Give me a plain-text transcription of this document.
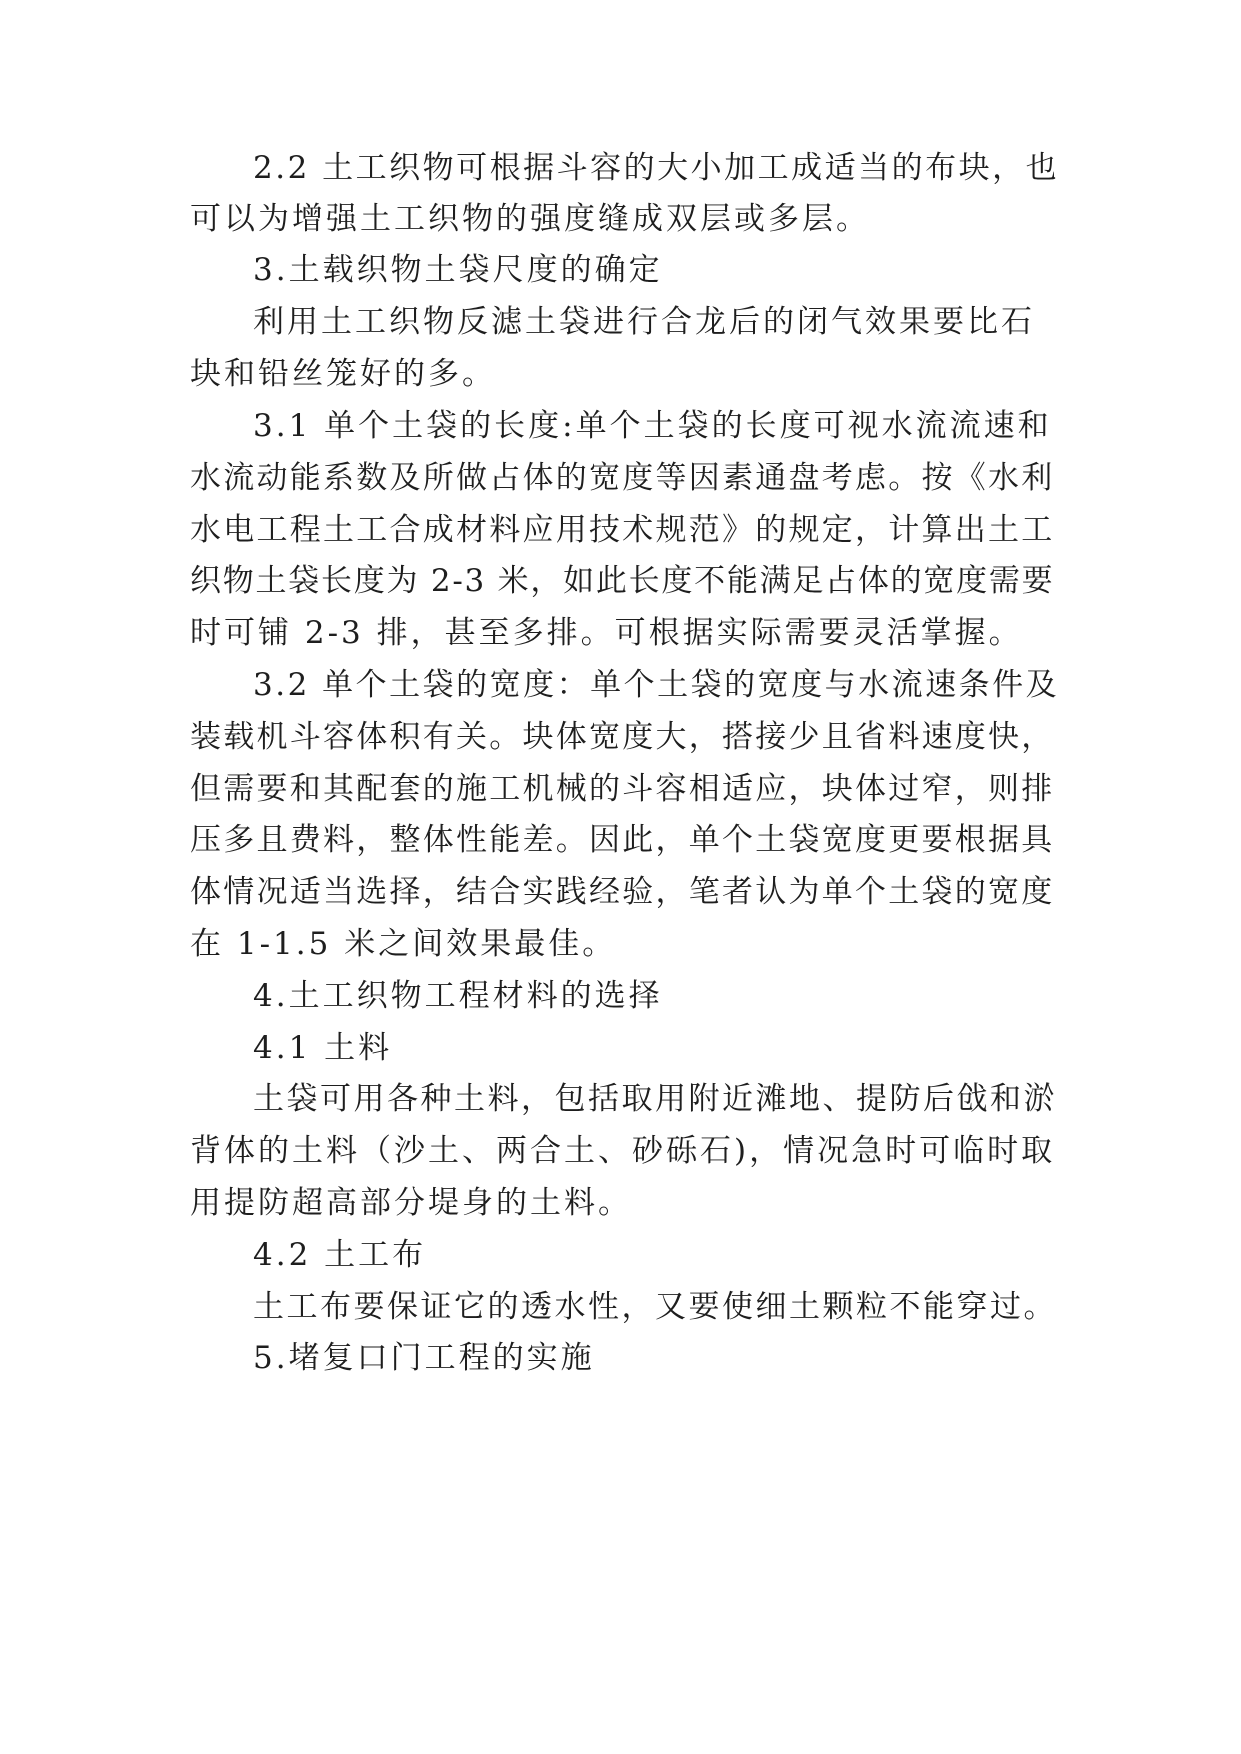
2.2 土工织物可根据斗容的大小加工成适当的布块，也
可以为增强土工织物的强度缝成双层或多层。
3.土载织物土袋尺度的确定
利用土工织物反滤土袋进行合龙后的闭气效果要比石
块和铅丝笼好的多。
3.1 单个土袋的长度:单个土袋的长度可视水流流速和
水流动能系数及所做占体的宽度等因素通盘考虑。按《水利
水电工程土工合成材料应用技术规范》的规定，计算出土工
织物土袋长度为 2-3 米，如此长度不能满足占体的宽度需要
时可铺 2-3 排，甚至多排。可根据实际需要灵活掌握。
3.2 单个土袋的宽度：单个土袋的宽度与水流速条件及
装载机斗容体积有关。块体宽度大，搭接少且省料速度快，
但需要和其配套的施工机械的斗容相适应，块体过窄，则排
压多且费料，整体性能差。因此，单个土袋宽度更要根据具
体情况适当选择，结合实践经验，笔者认为单个土袋的宽度
在 1-1.5 米之间效果最佳。
4.土工织物工程材料的选择
4.1 土料
土袋可用各种土料，包括取用附近滩地、提防后戗和淤
背体的土料（沙土、两合土、砂砾石)，情况急时可临时取
用提防超高部分堤身的土料。
4.2 土工布
土工布要保证它的透水性，又要使细土颗粒不能穿过。
5.堵复口门工程的实施
